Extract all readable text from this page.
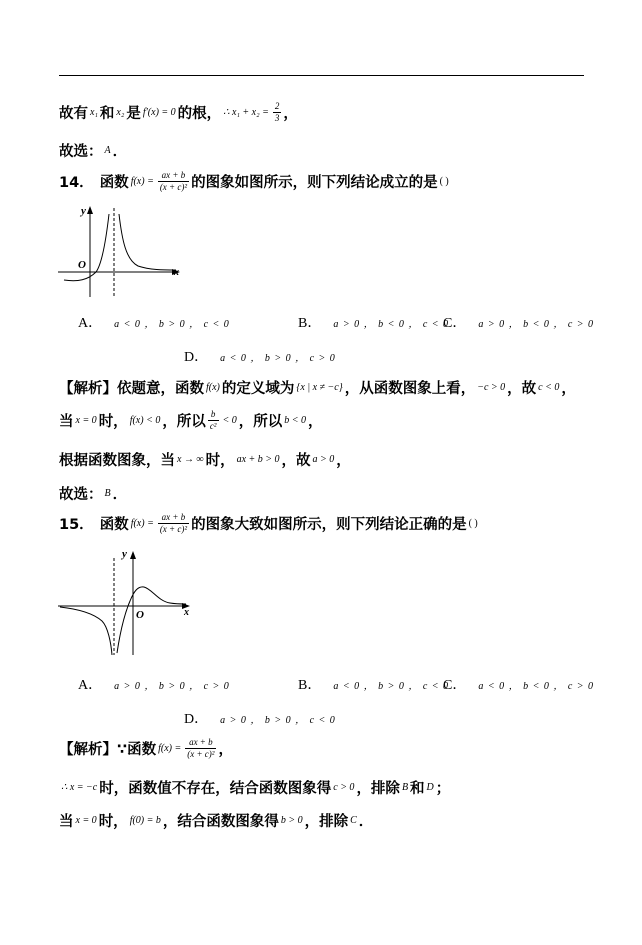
故有 x₁ 和 x₂ 是 f′(x) = 0 的根， ∴ $x_1 + x_2 = \frac{2}{3}$ ，
故选： A ．
14． 函数 $f(x) = \frac{ax + b}{\text{(x + c)²}}$ 的图象如图所示，则下列结论成立的是 ( )
y
O
x
A． a < 0 ， b > 0 ， c < 0	B． a > 0 ， b < 0 ， c < 0
C． a > 0 ， b < 0 ， c > 0
D． a < 0 ， b > 0 ， c > 0
【解析】 依题意，函数 f(x) 的定义域为 {x | x ≠ −c} ，从函数图象上看， −c > 0 ，故 c < 0 ，
当 x = 0 时， f(x) < 0 ，所以 $\frac{b}{\text{c²}} < 0$ ，所以 b < 0 ，
根据函数图象，当 x → ∞ 时， ax + b > 0 ，故 a > 0 ，
故选： B ．
15． 函数 $f(x) = \frac{ax + b}{\text{(x + c)²}}$ 的图象大致如图所示，则下列结论正确的是 ( )
y
O	x
A． a > 0 ， b > 0 ， c > 0	B． a < 0 ， b > 0 ， c < 0
C． a < 0 ， b < 0 ， c > 0
D． a > 0 ， b > 0 ， c < 0
【解析】 ∵函数 $f(x) = \frac{ax + b}{\text{(x + c)²}}$ ，
∴ x = −c 时，函数值不存在，结合函数图象得 c > 0 ，排除 B 和 D ；
当 x = 0 时， f(0) = b ，结合函数图象得 b > 0 ，排除 C ．
